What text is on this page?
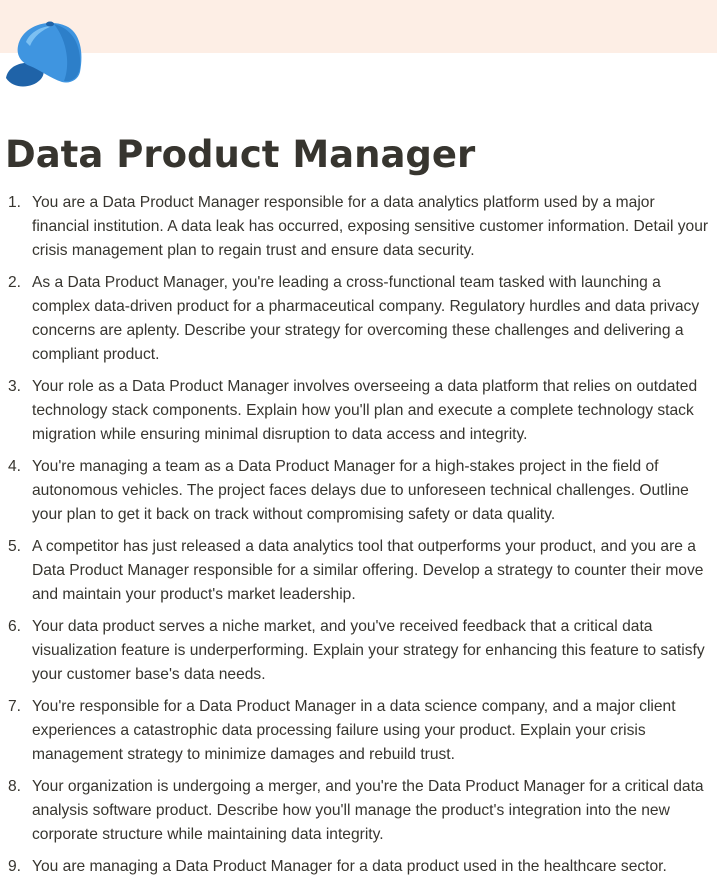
Data Product Manager
1. You are a Data Product Manager responsible for a data analytics platform used by a major financial institution. A data leak has occurred, exposing sensitive customer information. Detail your crisis management plan to regain trust and ensure data security.
2. As a Data Product Manager, you're leading a cross-functional team tasked with launching a complex data-driven product for a pharmaceutical company. Regulatory hurdles and data privacy concerns are aplenty. Describe your strategy for overcoming these challenges and delivering a compliant product.
3. Your role as a Data Product Manager involves overseeing a data platform that relies on outdated technology stack components. Explain how you'll plan and execute a complete technology stack migration while ensuring minimal disruption to data access and integrity.
4. You're managing a team as a Data Product Manager for a high-stakes project in the field of autonomous vehicles. The project faces delays due to unforeseen technical challenges. Outline your plan to get it back on track without compromising safety or data quality.
5. A competitor has just released a data analytics tool that outperforms your product, and you are a Data Product Manager responsible for a similar offering. Develop a strategy to counter their move and maintain your product's market leadership.
6. Your data product serves a niche market, and you've received feedback that a critical data visualization feature is underperforming. Explain your strategy for enhancing this feature to satisfy your customer base's data needs.
7. You're responsible for a Data Product Manager in a data science company, and a major client experiences a catastrophic data processing failure using your product. Explain your crisis management strategy to minimize damages and rebuild trust.
8. Your organization is undergoing a merger, and you're the Data Product Manager for a critical data analysis software product. Describe how you'll manage the product's integration into the new corporate structure while maintaining data integrity.
9. You are managing a Data Product Manager for a data product used in the healthcare sector.
